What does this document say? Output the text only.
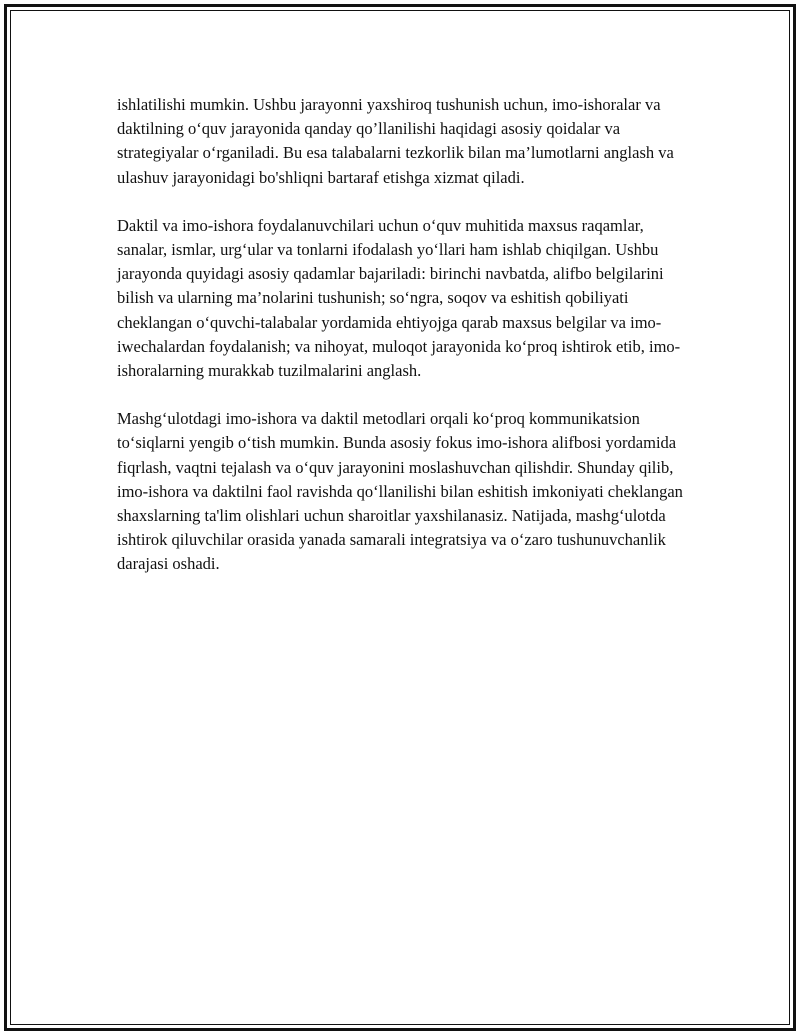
ishlatilishi mumkin. Ushbu jarayonni yaxshiroq tushunish uchun, imo-ishoralar va daktilning o‘quv jarayonida qanday qo’llanilishi haqidagi asosiy qoidalar va strategiyalar o‘rganiladi. Bu esa talabalarni tezkorlik bilan ma’lumotlarni anglash va ulashuv jarayonidagi bo'shliqni bartaraf etishga xizmat qiladi.

Daktil va imo-ishora foydalanuvchilari uchun o‘quv muhitida maxsus raqamlar, sanalar, ismlar, urg‘ular va tonlarni ifodalash yo‘llari ham ishlab chiqilgan. Ushbu jarayonda quyidagi asosiy qadamlar bajariladi: birinchi navbatda, alifbo belgilarini bilish va ularning ma’nolarini tushunish; so‘ngra, soqov va eshitish qobiliyati cheklangan o‘quvchi-talabalar yordamida ehtiyojga qarab maxsus belgilar va imo-iwechalardan foydalanish; va nihoyat, muloqot jarayonida ko‘proq ishtirok etib, imo-ishoralarning murakkab tuzilmalarini anglash.

Mashg‘ulotdagi imo-ishora va daktil metodlari orqali ko‘proq kommunikatsion to‘siqlarni yengib o‘tish mumkin. Bunda asosiy fokus imo-ishora alifbosi yordamida fiqrlash, vaqtni tejalash va o‘quv jarayonini moslashuvchan qilishdir. Shunday qilib, imo-ishora va daktilni faol ravishda qo‘llanilishi bilan eshitish imkoniyati cheklangan shaxslarning ta'lim olishlari uchun sharoitlar yaxshilanasiz. Natijada, mashg‘ulotda ishtirok qiluvchilar orasida yanada samarali integratsiya va o‘zaro tushunuvchanlik darajasi oshadi.
